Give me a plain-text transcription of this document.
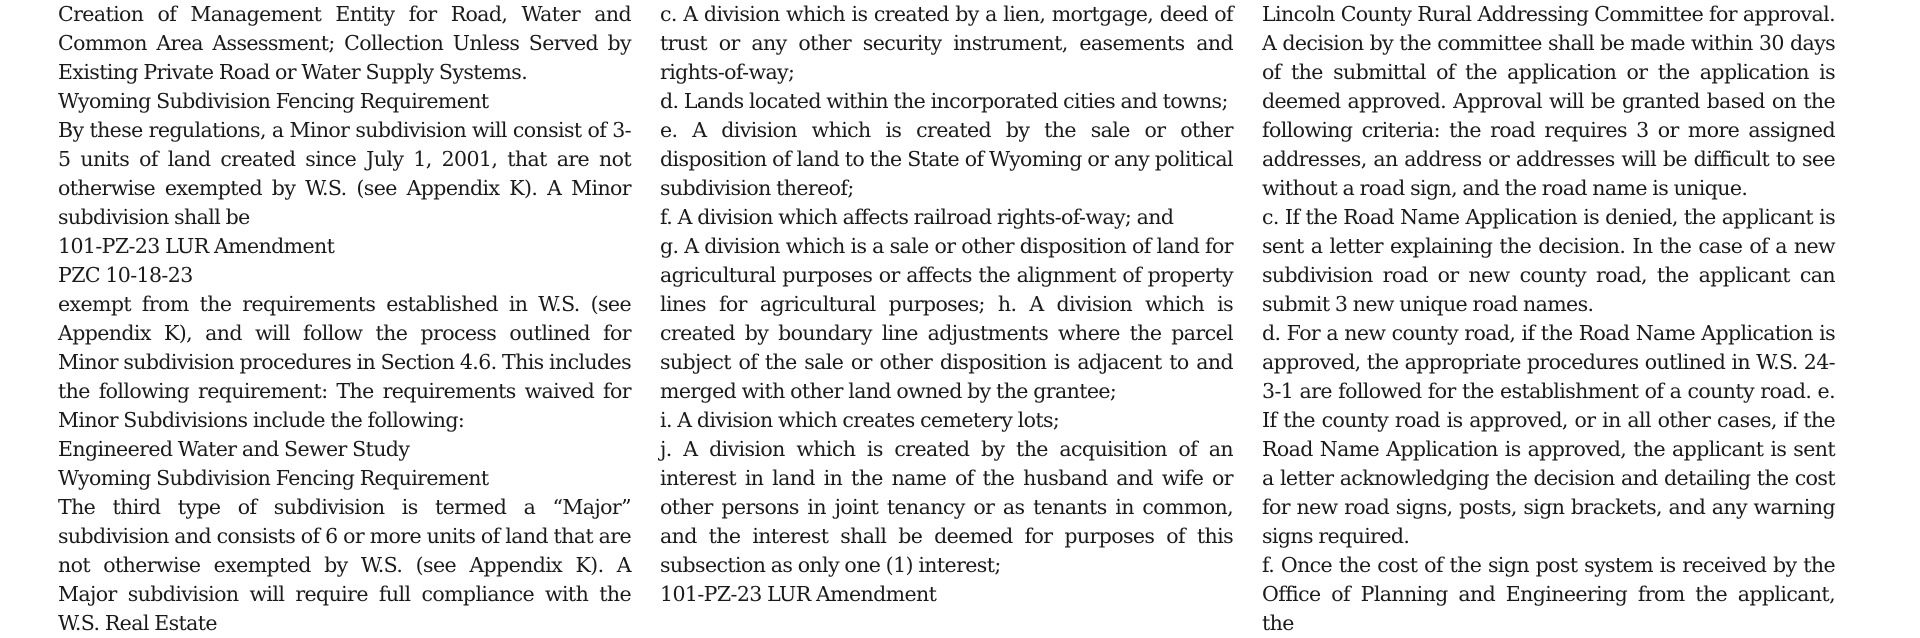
Creation of Management Entity for Road, Water and Common Area Assessment; Collection Unless Served by Existing Private Road or Water Supply Systems.

Wyoming Subdivision Fencing Requirement

By these regulations, a Minor subdivision will consist of 3-5 units of land created since July 1, 2001, that are not otherwise exempted by W.S. (see Appendix K). A Minor subdivision shall be

101-PZ-23 LUR Amendment

PZC 10-18-23

exempt from the requirements established in W.S. (see Appendix K), and will follow the process outlined for Minor subdivision procedures in Section 4.6. This includes the following requirement: The requirements waived for Minor Subdivisions include the following:

Engineered Water and Sewer Study

Wyoming Subdivision Fencing Requirement

The third type of subdivision is termed a “Major” subdivision and consists of 6 or more units of land that are not otherwise exempted by W.S. (see Appendix K). A Major subdivision will require full compliance with the W.S. Real Estate

c. A division which is created by a lien, mortgage, deed of trust or any other security instrument, easements and rights-of-way;

d. Lands located within the incorporated cities and towns;

e. A division which is created by the sale or other disposition of land to the State of Wyoming or any political subdivision thereof;

f. A division which affects railroad rights-of-way; and

g. A division which is a sale or other disposition of land for agricultural purposes or affects the alignment of property lines for agricultural purposes; h. A division which is created by boundary line adjustments where the parcel subject of the sale or other disposition is adjacent to and merged with other land owned by the grantee;

i. A division which creates cemetery lots;

j. A division which is created by the acquisition of an interest in land in the name of the husband and wife or other persons in joint tenancy or as tenants in common, and the interest shall be deemed for purposes of this subsection as only one (1) interest;

101-PZ-23 LUR Amendment

Lincoln County Rural Addressing Committee for approval. A decision by the committee shall be made within 30 days of the submittal of the application or the application is deemed approved. Approval will be granted based on the following criteria: the road requires 3 or more assigned addresses, an address or addresses will be difficult to see without a road sign, and the road name is unique.

c. If the Road Name Application is denied, the applicant is sent a letter explaining the decision. In the case of a new subdivision road or new county road, the applicant can submit 3 new unique road names.

d. For a new county road, if the Road Name Application is approved, the appropriate procedures outlined in W.S. 24-3-1 are followed for the establishment of a county road. e. If the county road is approved, or in all other cases, if the Road Name Application is approved, the applicant is sent a letter acknowledging the decision and detailing the cost for new road signs, posts, sign brackets, and any warning signs required.

f. Once the cost of the sign post system is received by the Office of Planning and Engineering from the applicant, the
